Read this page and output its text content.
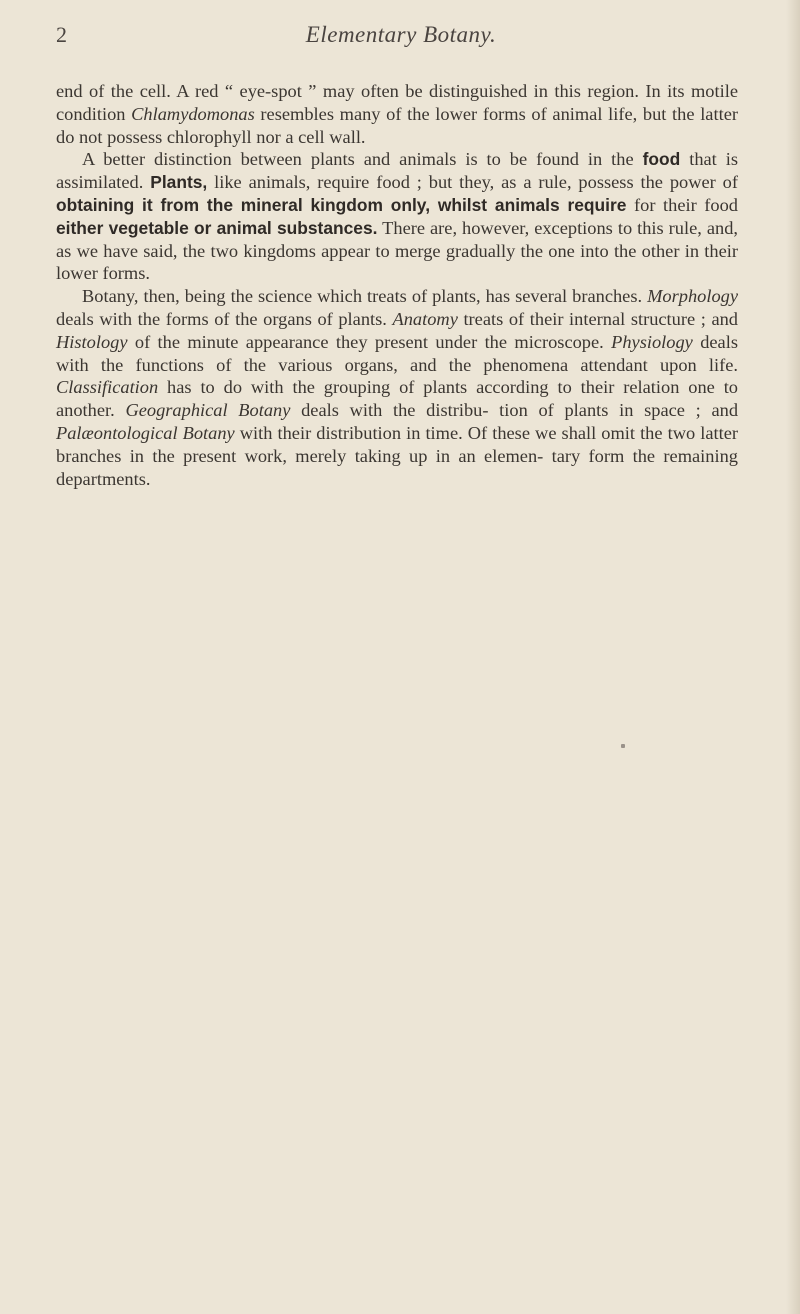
2	Elementary Botany.

end of the cell. A red “ eye-spot ” may often be distinguished in this region. In its motile condition Chlamydomonas resembles many of the lower forms of animal life, but the latter do not possess chlorophyll nor a cell wall.

A better distinction between plants and animals is to be found in the food that is assimilated. Plants, like animals, require food ; but they, as a rule, possess the power of obtaining it from the mineral kingdom only, whilst animals require for their food either vegetable or animal substances. There are, however, exceptions to this rule, and, as we have said, the two kingdoms appear to merge gradually the one into the other in their lower forms.

Botany, then, being the science which treats of plants, has several branches. Morphology deals with the forms of the organs of plants. Anatomy treats of their internal structure ; and Histology of the minute appearance they present under the microscope. Physiology deals with the functions of the various organs, and the phenomena attendant upon life. Classification has to do with the grouping of plants according to their relation one to another. Geographical Botany deals with the distribu- tion of plants in space ; and Palæontological Botany with their distribution in time. Of these we shall omit the two latter branches in the present work, merely taking up in an elemen- tary form the remaining departments.
